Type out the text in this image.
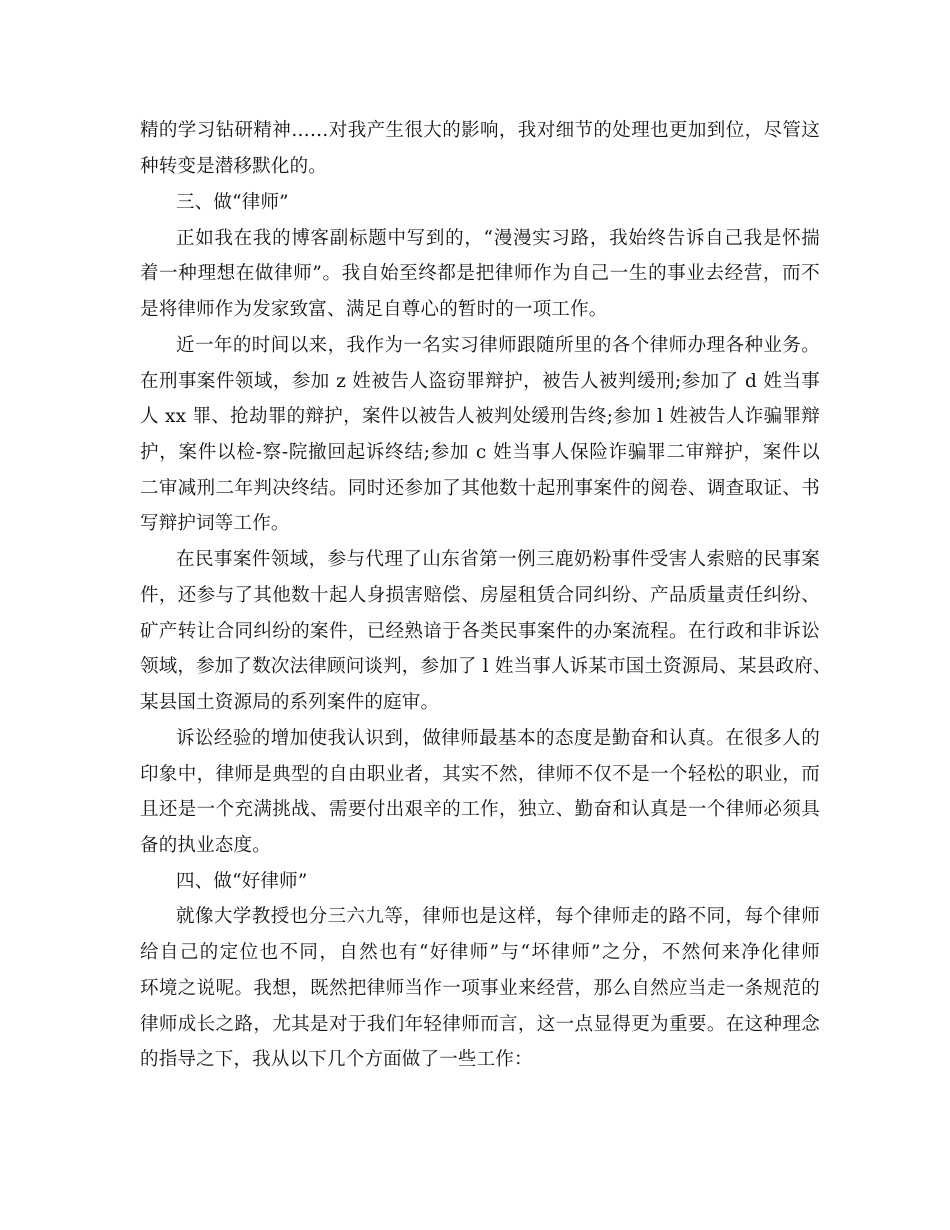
精的学习钻研精神……对我产生很大的影响，我对细节的处理也更加到位，尽管这
种转变是潜移默化的。
三、做“律师”
正如我在我的博客副标题中写到的，“漫漫实习路，我始终告诉自己我是怀揣
着一种理想在做律师”。我自始至终都是把律师作为自己一生的事业去经营，而不
是将律师作为发家致富、满足自尊心的暂时的一项工作。
近一年的时间以来，我作为一名实习律师跟随所里的各个律师办理各种业务。
在刑事案件领域，参加 z 姓被告人盗窃罪辩护，被告人被判缓刑;参加了 d 姓当事
人 xx 罪、抢劫罪的辩护，案件以被告人被判处缓刑告终;参加 l 姓被告人诈骗罪辩
护，案件以检-察-院撤回起诉终结;参加 c 姓当事人保险诈骗罪二审辩护，案件以
二审减刑二年判决终结。同时还参加了其他数十起刑事案件的阅卷、调查取证、书
写辩护词等工作。
在民事案件领域，参与代理了山东省第一例三鹿奶粉事件受害人索赔的民事案
件，还参与了其他数十起人身损害赔偿、房屋租赁合同纠纷、产品质量责任纠纷、
矿产转让合同纠纷的案件，已经熟谙于各类民事案件的办案流程。在行政和非诉讼
领域，参加了数次法律顾问谈判，参加了 l 姓当事人诉某市国土资源局、某县政府、
某县国土资源局的系列案件的庭审。
诉讼经验的增加使我认识到，做律师最基本的态度是勤奋和认真。在很多人的
印象中，律师是典型的自由职业者，其实不然，律师不仅不是一个轻松的职业，而
且还是一个充满挑战、需要付出艰辛的工作，独立、勤奋和认真是一个律师必须具
备的执业态度。
四、做“好律师”
就像大学教授也分三六九等，律师也是这样，每个律师走的路不同，每个律师
给自己的定位也不同，自然也有“好律师”与“坏律师”之分，不然何来净化律师
环境之说呢。我想，既然把律师当作一项事业来经营，那么自然应当走一条规范的
律师成长之路，尤其是对于我们年轻律师而言，这一点显得更为重要。在这种理念
的指导之下，我从以下几个方面做了一些工作：
